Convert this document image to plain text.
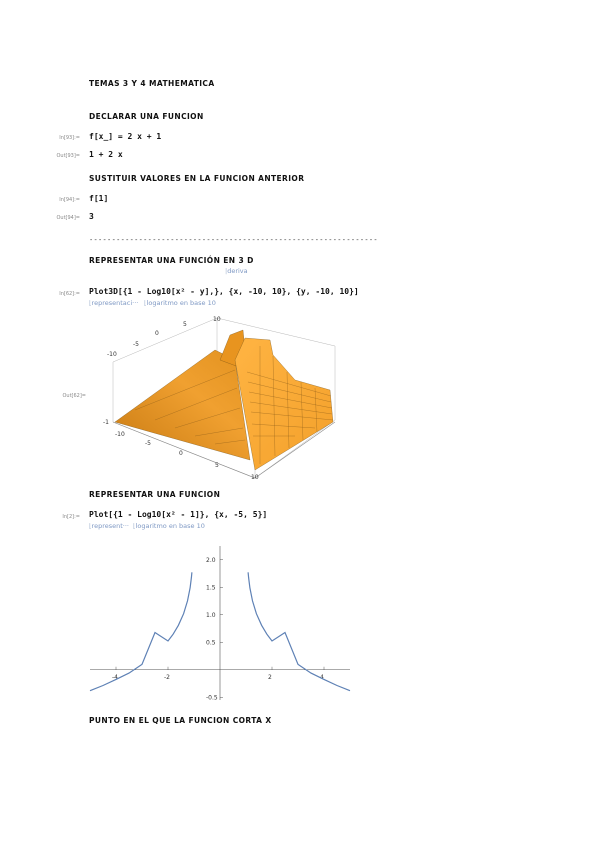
TEMAS 3 Y 4 MATHEMATICA
DECLARAR UNA FUNCION
In[93]:= f[x_] = 2 x + 1
Out[93]= 1 + 2 x
SUSTITUIR VALORES EN LA FUNCION ANTERIOR
In[94]:= f[1]
Out[94]= 3
----------------------------------------------------------------
REPRESENTAR UNA FUNCIÓN EN 3 D
|deriva
In[62]:= Plot3D[{1 - Log10[x² - y],}, {x, -10, 10}, {y, -10, 10}]
⌊representaci··· ⌊logaritmo en base 10
Out[62]=
10
5
0
-5
-10
-1
-10
-5
0
5
10
REPRESENTAR UNA FUNCION
In[2]:= Plot[{1 - Log10[x² - 1]}, {x, -5, 5}]
⌊represent··· ⌊logaritmo en base 10
-4	-2	2	4
-0.5
0.5
1.0
1.5
2.0
PUNTO EN EL QUE LA FUNCION CORTA X
